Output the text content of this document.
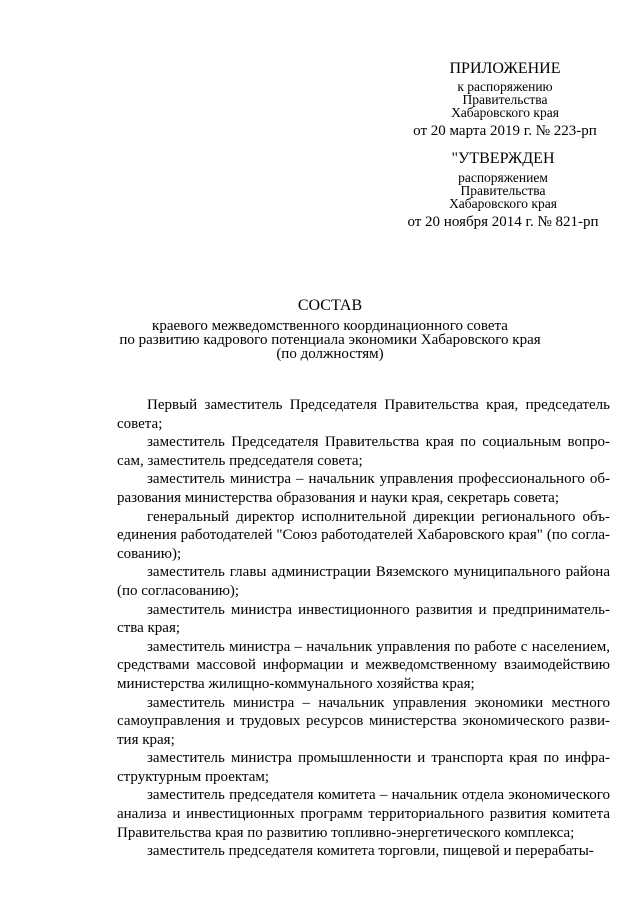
ПРИЛОЖЕНИЕ
к распоряжению
Правительства
Хабаровского края
от 20 марта 2019 г. № 223-рп
"УТВЕРЖДЕН
распоряжением
Правительства
Хабаровского края
от 20 ноября 2014 г. № 821-рп
СОСТАВ
краевого межведомственного координационного совета
по развитию кадрового потенциала экономики Хабаровского края
(по должностям)
Первый заместитель Председателя Правительства края, председатель
совета;
заместитель Председателя Правительства края по социальным вопро-
сам, заместитель председателя совета;
заместитель министра – начальник управления профессионального об-
разования министерства образования и науки края, секретарь совета;
генеральный директор исполнительной дирекции регионального объ-
единения работодателей "Союз работодателей Хабаровского края" (по согла-
сованию);
заместитель главы администрации Вяземского муниципального района
(по согласованию);
заместитель министра инвестиционного развития и предприниматель-
ства края;
заместитель министра – начальник управления по работе с населением,
средствами массовой информации и межведомственному взаимодействию
министерства жилищно-коммунального хозяйства края;
заместитель министра – начальник управления экономики местного
самоуправления и трудовых ресурсов министерства экономического разви-
тия края;
заместитель министра промышленности и транспорта края по инфра-
структурным проектам;
заместитель председателя комитета – начальник отдела экономического
анализа и инвестиционных программ территориального развития комитета
Правительства края по развитию топливно-энергетического комплекса;
заместитель председателя комитета торговли, пищевой и перерабаты-
